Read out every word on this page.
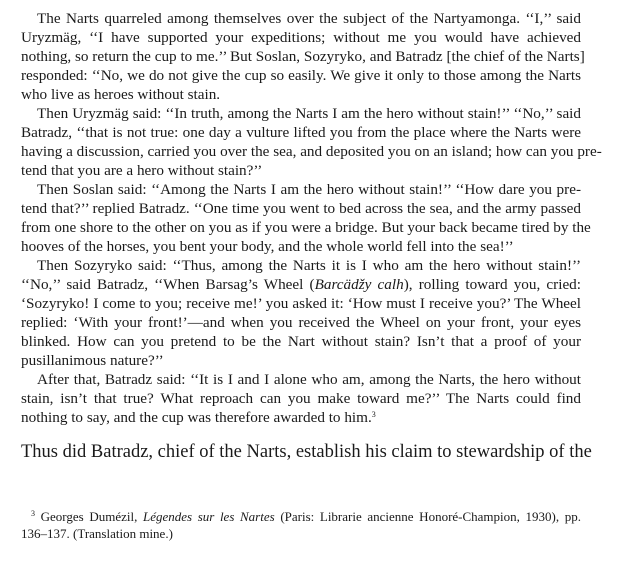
The Narts quarreled among themselves over the subject of the Nartyamonga. ‘‘I,’’ said
Uryzmäg, ‘‘I have supported your expeditions; without me you would have achieved
nothing, so return the cup to me.’’ But Soslan, Sozyryko, and Batradz [the chief of the Narts]
responded: ‘‘No, we do not give the cup so easily. We give it only to those among the Narts
who live as heroes without stain.
Then Uryzmäg said: ‘‘In truth, among the Narts I am the hero without stain!’’ ‘‘No,’’ said
Batradz, ‘‘that is not true: one day a vulture lifted you from the place where the Narts were
having a discussion, carried you over the sea, and deposited you on an island; how can you pre-
tend that you are a hero without stain?’’
Then Soslan said: ‘‘Among the Narts I am the hero without stain!’’ ‘‘How dare you pre-
tend that?’’ replied Batradz. ‘‘One time you went to bed across the sea, and the army passed
from one shore to the other on you as if you were a bridge. But your back became tired by the
hooves of the horses, you bent your body, and the whole world fell into the sea!’’
Then Sozyryko said: ‘‘Thus, among the Narts it is I who am the hero without stain!’’
‘‘No,’’ said Batradz, ‘‘When Barsag’s Wheel (Barcädžy calh), rolling toward you, cried:
‘Sozyryko! I come to you; receive me!’ you asked it: ‘How must I receive you?’ The Wheel
replied: ‘With your front!’—and when you received the Wheel on your front, your eyes
blinked. How can you pretend to be the Nart without stain? Isn’t that a proof of your
pusillanimous nature?’’
After that, Batradz said: ‘‘It is I and I alone who am, among the Narts, the hero without
stain, isn’t that true? What reproach can you make toward me?’’ The Narts could find
nothing to say, and the cup was therefore awarded to him.$^3$
Thus did Batradz, chief of the Narts, establish his claim to stewardship of the
$^3$ Georges Dumézil, Légendes sur les Nartes (Paris: Librarie ancienne Honoré-Champion, 1930), pp.
136–137. (Translation mine.)
